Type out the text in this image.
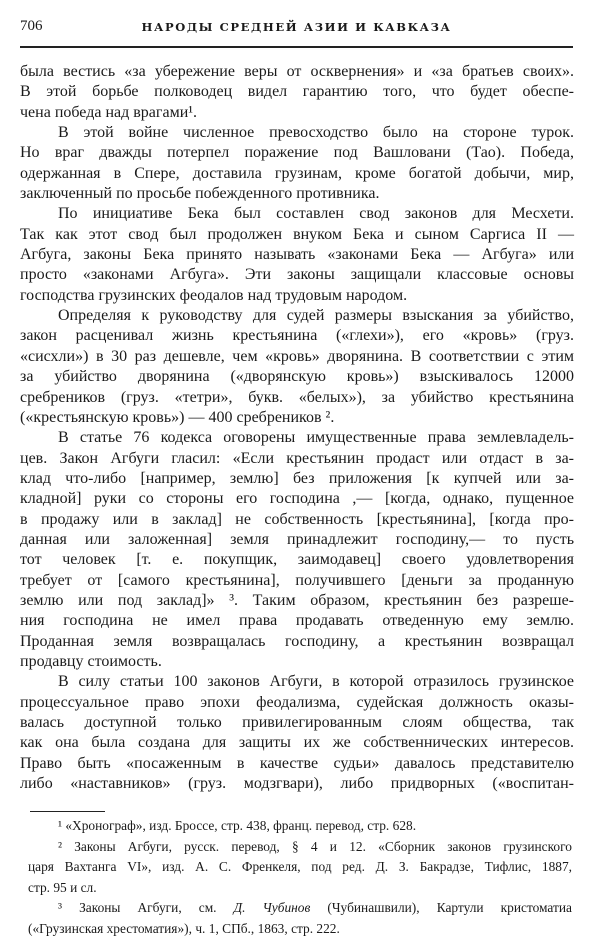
706	НАРОДЫ СРЕДНЕЙ АЗИИ И КАВКАЗА
была вестись «за убережение веры от осквернения» и «за братьев своих».
В этой борьбе полководец видел гарантию того, что будет обеспе-
чена победа над врагами¹.
В этой войне численное превосходство было на стороне турок.
Но враг дважды потерпел поражение под Вашловани (Тао). Победа,
одержанная в Спере, доставила грузинам, кроме богатой добычи, мир,
заключенный по просьбе побежденного противника.
По инициативе Бека был составлен свод законов для Месхети.
Так как этот свод был продолжен внуком Бека и сыном Саргиса II —
Агбуга, законы Бека принято называть «законами Бека — Агбуга» или
просто «законами Агбуга». Эти законы защищали классовые основы
господства грузинских феодалов над трудовым народом.
Определяя к руководству для судей размеры взыскания за убийство,
закон расценивал жизнь крестьянина («глехи»), его «кровь» (груз.
«сисхли») в 30 раз дешевле, чем «кровь» дворянина. В соответствии с этим
за убийство дворянина («дворянскую кровь») взыскивалось 12000
сребреников (груз. «тетри», букв. «белых»), за убийство крестьянина
(«крестьянскую кровь») — 400 сребреников ².
В статье 76 кодекса оговорены имущественные права землевладель-
цев. Закон Агбуги гласил: «Если крестьянин продаст или отдаст в за-
клад что-либо [например, землю] без приложения [к купчей или за-
кладной] руки со стороны его господина ,— [когда, однако, пущенное
в продажу или в заклад] не собственность [крестьянина], [когда про-
данная или заложенная] земля принадлежит господину,— то пусть
тот человек [т. е. покупщик, заимодавец] своего удовлетворения
требует от [самого крестьянина], получившего [деньги за проданную
землю или под заклад]» ³. Таким образом, крестьянин без разреше-
ния господина не имел права продавать отведенную ему землю.
Проданная земля возвращалась господину, а крестьянин возвращал
продавцу стоимость.
В силу статьи 100 законов Агбуги, в которой отразилось грузинское
процессуальное право эпохи феодализма, судейская должность оказы-
валась доступной только привилегированным слоям общества, так
как она была создана для защиты их же собственнических интересов.
Право быть «посаженным в качестве судьи» давалось представителю
либо «наставников» (груз. модзгвари), либо придворных («воспитан-
¹ «Хронограф», изд. Броссе, стр. 438, франц. перевод, стр. 628.
² Законы Агбуги, русск. перевод, § 4 и 12. «Сборник законов грузинского
царя Вахтанга VI», изд. А. С. Френкеля, под ред. Д. З. Бакрадзе, Тифлис, 1887,
стр. 95 и сл.
³ Законы Агбуги, см. Д. Чубинов (Чубинашвили), Картули кристоматиа
(«Грузинская хрестоматия»), ч. 1, СПб., 1863, стр. 222.
